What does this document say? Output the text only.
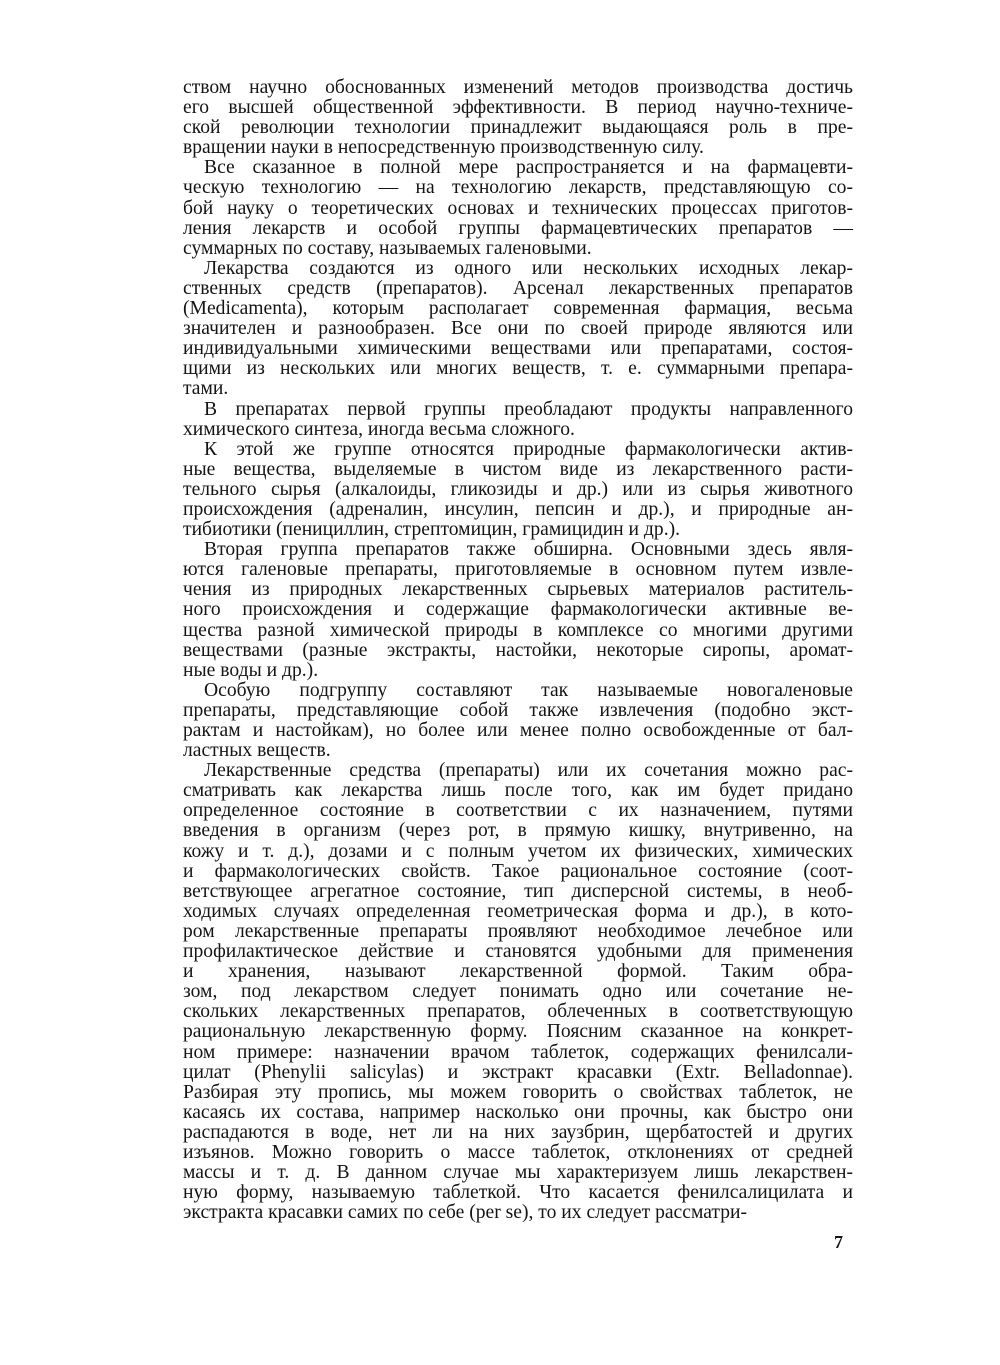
ством научно обоснованных изменений методов производства достичь
его высшей общественной эффективности. В период научно-техниче-
ской революции технологии принадлежит выдающаяся роль в пре-
вращении науки в непосредственную производственную силу.
Все сказанное в полной мере распространяется и на фармацевти-
ческую технологию — на технологию лекарств, представляющую со-
бой науку о теоретических основах и технических процессах приготов-
ления лекарств и особой группы фармацевтических препаратов —
суммарных по составу, называемых галеновыми.
Лекарства создаются из одного или нескольких исходных лекар-
ственных средств (препаратов). Арсенал лекарственных препаратов
(Medicamenta), которым располагает современная фармация, весьма
значителен и разнообразен. Все они по своей природе являются или
индивидуальными химическими веществами или препаратами, состоя-
щими из нескольких или многих веществ, т. е. суммарными препара-
тами.
В препаратах первой группы преобладают продукты направленного
химического синтеза, иногда весьма сложного.
К этой же группе относятся природные фармакологически актив-
ные вещества, выделяемые в чистом виде из лекарственного расти-
тельного сырья (алкалоиды, гликозиды и др.) или из сырья животного
происхождения (адреналин, инсулин, пепсин и др.), и природные ан-
тибиотики (пенициллин, стрептомицин, грамицидин и др.).
Вторая группа препаратов также обширна. Основными здесь явля-
ются галеновые препараты, приготовляемые в основном путем извле-
чения из природных лекарственных сырьевых материалов раститель-
ного происхождения и содержащие фармакологически активные ве-
щества разной химической природы в комплексе со многими другими
веществами (разные экстракты, настойки, некоторые сиропы, аромат-
ные воды и др.).
Особую подгруппу составляют так называемые новогаленовые
препараты, представляющие собой также извлечения (подобно экст-
рактам и настойкам), но более или менее полно освобожденные от бал-
ластных веществ.
Лекарственные средства (препараты) или их сочетания можно рас-
сматривать как лекарства лишь после того, как им будет придано
определенное состояние в соответствии с их назначением, путями
введения в организм (через рот, в прямую кишку, внутривенно, на
кожу и т. д.), дозами и с полным учетом их физических, химических
и фармакологических свойств. Такое рациональное состояние (соот-
ветствующее агрегатное состояние, тип дисперсной системы, в необ-
ходимых случаях определенная геометрическая форма и др.), в кото-
ром лекарственные препараты проявляют необходимое лечебное или
профилактическое действие и становятся удобными для применения
и хранения, называют лекарственной формой. Таким обра-
зом, под лекарством следует понимать одно или сочетание не-
скольких лекарственных препаратов, облеченных в соответствующую
рациональную лекарственную форму. Поясним сказанное на конкрет-
ном примере: назначении врачом таблеток, содержащих фенилсали-
цилат (Phenylii salicylas) и экстракт красавки (Extr. Belladonnae).
Разбирая эту пропись, мы можем говорить о свойствах таблеток, не
касаясь их состава, например насколько они прочны, как быстро они
распадаются в воде, нет ли на них заузбрин, щербатостей и других
изъянов. Можно говорить о массе таблеток, отклонениях от средней
массы и т. д. В данном случае мы характеризуем лишь лекарствен-
ную форму, называемую таблеткой. Что касается фенилсалицилата и
экстракта красавки самих по себе (per se), то их следует рассматри-
7
